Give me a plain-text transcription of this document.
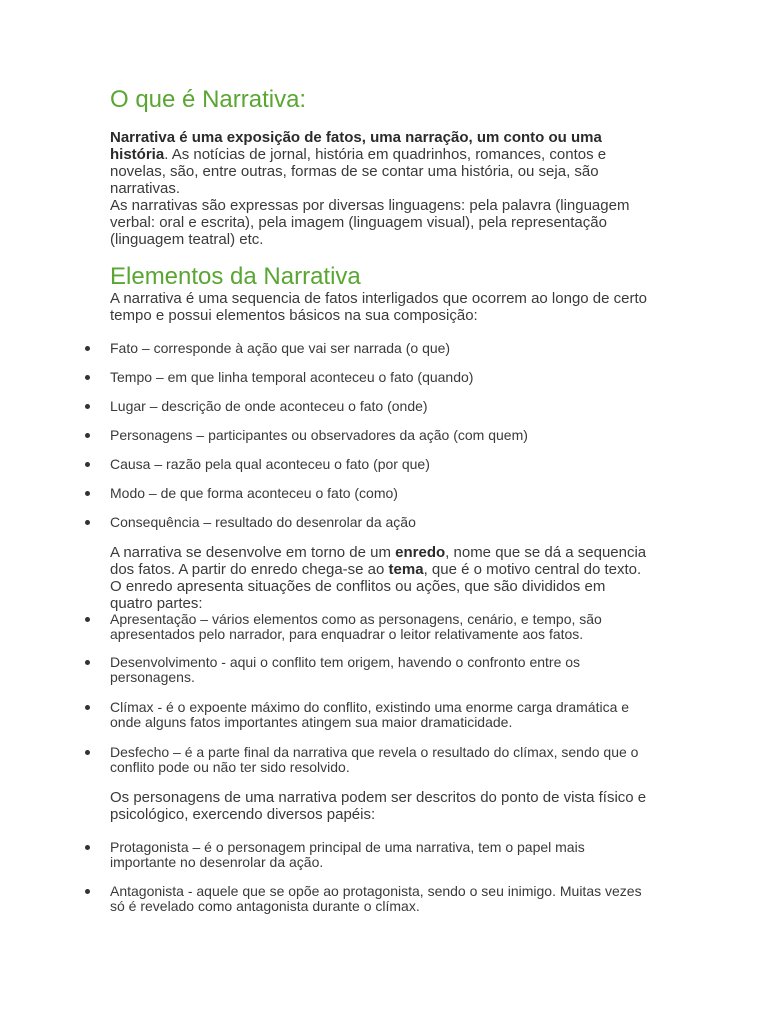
O que é Narrativa:

Narrativa é uma exposição de fatos, uma narração, um conto ou uma história. As notícias de jornal, história em quadrinhos, romances, contos e novelas, são, entre outras, formas de se contar uma história, ou seja, são narrativas.
As narrativas são expressas por diversas linguagens: pela palavra (linguagem verbal: oral e escrita), pela imagem (linguagem visual), pela representação (linguagem teatral) etc.

Elementos da Narrativa

A narrativa é uma sequencia de fatos interligados que ocorrem ao longo de certo tempo e possui elementos básicos na sua composição:

Fato – corresponde à ação que vai ser narrada (o que)
Tempo – em que linha temporal aconteceu o fato (quando)
Lugar – descrição de onde aconteceu o fato (onde)
Personagens – participantes ou observadores da ação (com quem)
Causa – razão pela qual aconteceu o fato (por que)
Modo – de que forma aconteceu o fato (como)
Consequência – resultado do desenrolar da ação

A narrativa se desenvolve em torno de um enredo, nome que se dá a sequencia dos fatos. A partir do enredo chega-se ao tema, que é o motivo central do texto. O enredo apresenta situações de conflitos ou ações, que são divididos em quatro partes:

Apresentação – vários elementos como as personagens, cenário, e tempo, são apresentados pelo narrador, para enquadrar o leitor relativamente aos fatos.
Desenvolvimento - aqui o conflito tem origem, havendo o confronto entre os personagens.
Clímax - é o expoente máximo do conflito, existindo uma enorme carga dramática e onde alguns fatos importantes atingem sua maior dramaticidade.
Desfecho – é a parte final da narrativa que revela o resultado do clímax, sendo que o conflito pode ou não ter sido resolvido.

Os personagens de uma narrativa podem ser descritos do ponto de vista físico e psicológico, exercendo diversos papéis:

Protagonista – é o personagem principal de uma narrativa, tem o papel mais importante no desenrolar da ação.
Antagonista - aquele que se opõe ao protagonista, sendo o seu inimigo. Muitas vezes só é revelado como antagonista durante o clímax.
